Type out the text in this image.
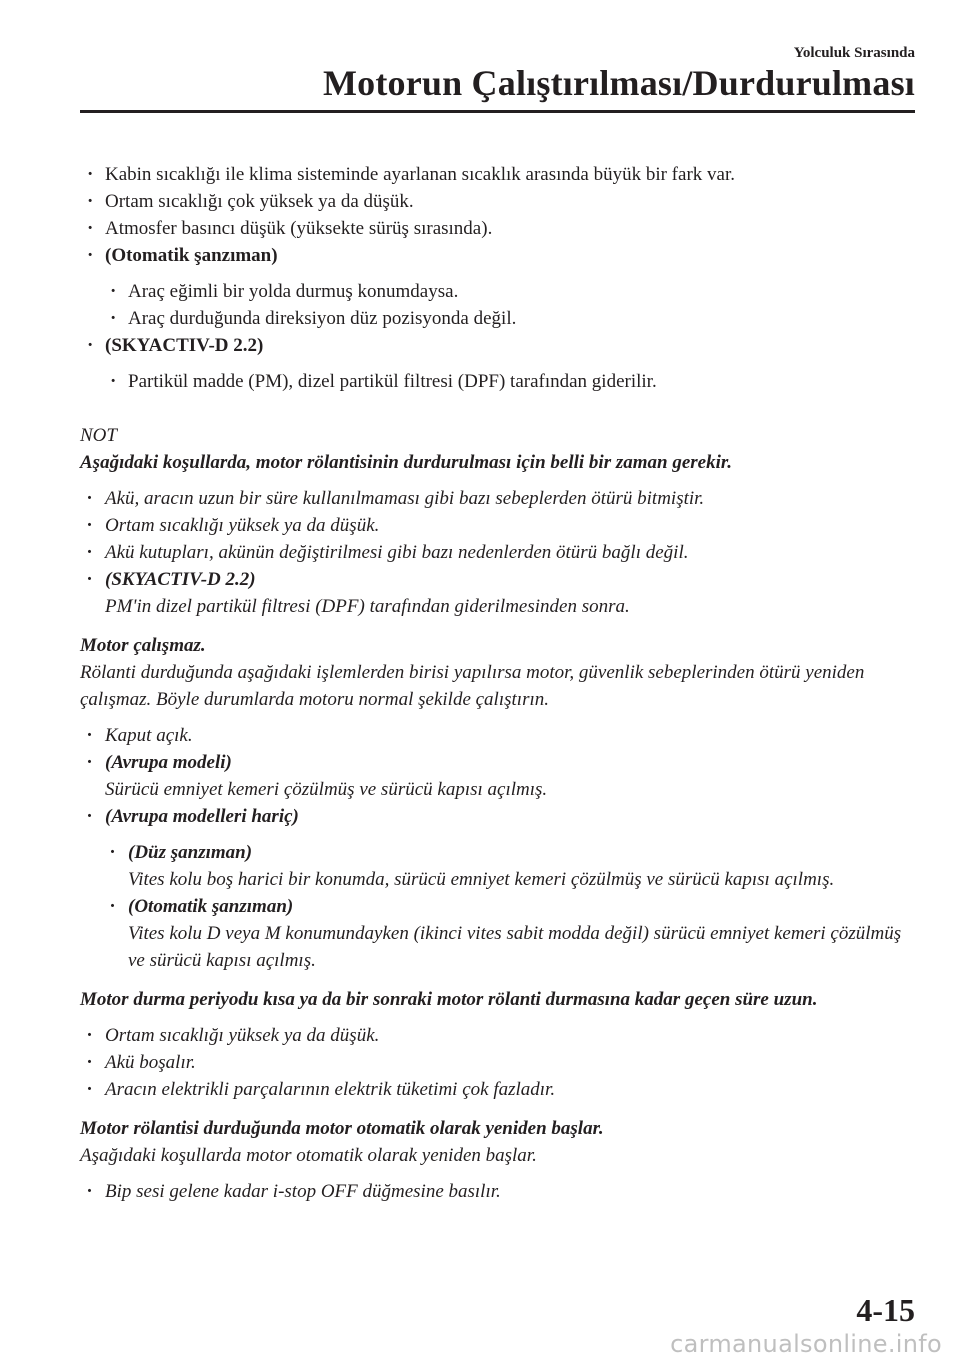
Yolculuk Sırasında
Motorun Çalıştırılması/Durdurulması
· Kabin sıcaklığı ile klima sisteminde ayarlanan sıcaklık arasında büyük bir fark var.
· Ortam sıcaklığı çok yüksek ya da düşük.
· Atmosfer basıncı düşük (yüksekte sürüş sırasında).
· (Otomatik şanzıman)
· Araç eğimli bir yolda durmuş konumdaysa.
· Araç durduğunda direksiyon düz pozisyonda değil.
· (SKYACTIV-D 2.2)
· Partikül madde (PM), dizel partikül filtresi (DPF) tarafından giderilir.
NOT
Aşağıdaki koşullarda, motor rölantisinin durdurulması için belli bir zaman gerekir.
· Akü, aracın uzun bir süre kullanılmaması gibi bazı sebeplerden ötürü bitmiştir.
· Ortam sıcaklığı yüksek ya da düşük.
· Akü kutupları, akünün değiştirilmesi gibi bazı nedenlerden ötürü bağlı değil.
· (SKYACTIV-D 2.2)
PM'in dizel partikül filtresi (DPF) tarafından giderilmesinden sonra.
Motor çalışmaz.
Rölanti durduğunda aşağıdaki işlemlerden birisi yapılırsa motor, güvenlik sebeplerinden ötürü yeniden çalışmaz. Böyle durumlarda motoru normal şekilde çalıştırın.
· Kaput açık.
· (Avrupa modeli)
Sürücü emniyet kemeri çözülmüş ve sürücü kapısı açılmış.
· (Avrupa modelleri hariç)
· (Düz şanzıman)
Vites kolu boş harici bir konumda, sürücü emniyet kemeri çözülmüş ve sürücü kapısı açılmış.
· (Otomatik şanzıman)
Vites kolu D veya M konumundayken (ikinci vites sabit modda değil) sürücü emniyet kemeri çözülmüş ve sürücü kapısı açılmış.
Motor durma periyodu kısa ya da bir sonraki motor rölanti durmasına kadar geçen süre uzun.
· Ortam sıcaklığı yüksek ya da düşük.
· Akü boşalır.
· Aracın elektrikli parçalarının elektrik tüketimi çok fazladır.
Motor rölantisi durduğunda motor otomatik olarak yeniden başlar.
Aşağıdaki koşullarda motor otomatik olarak yeniden başlar.
· Bip sesi gelene kadar i-stop OFF düğmesine basılır.
4-15
carmanualsonline.info
